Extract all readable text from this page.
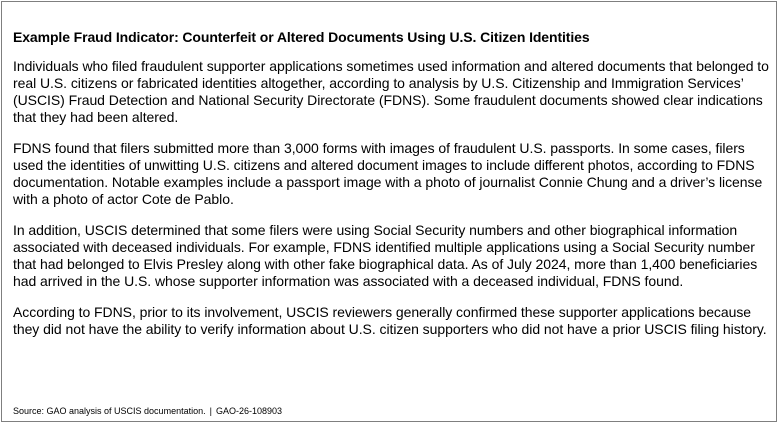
Example Fraud Indicator: Counterfeit or Altered Documents Using U.S. Citizen Identities

Individuals who filed fraudulent supporter applications sometimes used information and altered documents that belonged to real U.S. citizens or fabricated identities altogether, according to analysis by U.S. Citizenship and Immigration Services’ (USCIS) Fraud Detection and National Security Directorate (FDNS). Some fraudulent documents showed clear indications that they had been altered.

FDNS found that filers submitted more than 3,000 forms with images of fraudulent U.S. passports. In some cases, filers used the identities of unwitting U.S. citizens and altered document images to include different photos, according to FDNS documentation. Notable examples include a passport image with a photo of journalist Connie Chung and a driver’s license with a photo of actor Cote de Pablo.

In addition, USCIS determined that some filers were using Social Security numbers and other biographical information associated with deceased individuals. For example, FDNS identified multiple applications using a Social Security number that had belonged to Elvis Presley along with other fake biographical data. As of July 2024, more than 1,400 beneficiaries had arrived in the U.S. whose supporter information was associated with a deceased individual, FDNS found.

According to FDNS, prior to its involvement, USCIS reviewers generally confirmed these supporter applications because they did not have the ability to verify information about U.S. citizen supporters who did not have a prior USCIS filing history.

Source: GAO analysis of USCIS documentation. | GAO-26-108903
